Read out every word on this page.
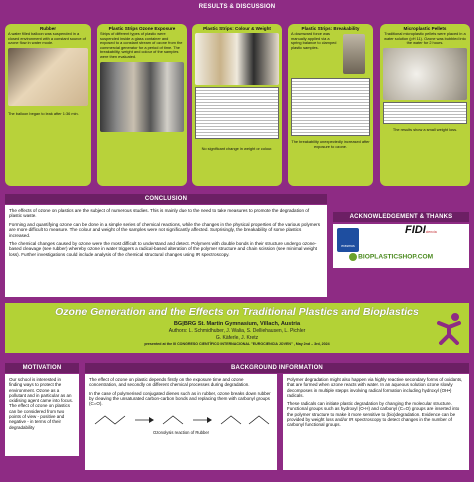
RESULTS & DISCUSSION
Rubber
A water filled balloon was suspended in a closed environment with a constant source of ozone flow in water mode.
The balloon began to leak after 1:36 min.
Plastic Strips Ozone Exposure
Strips of different types of plastic were suspended inside a glass container and exposed to a constant stream of ozone from the commercial generator for a period of time. The breakability, weight and colour of the samples were then evaluated.
Plastic Strips: Colour & Weight
No significant change in weight or colour.
Plastic Strips: Breakability
A downward force was manually applied via a spring balance to clamped plastic samples.
The breakability unexpectedly increased after exposure to ozone.
Microplastic Pellets
Traditional microplastic pellets were placed in a water solution (pH 11). Ozone was bubbled into the water for 2 hours.
The results show a small weight loss.
CONCLUSION

The effects of ozone on plastics are the subject of numerous studies. This is mainly due to the need to take measures to promote the degradation of plastic waste.

Forming and quantifying ozone can be done in a simple series of chemical reactions, while the changes in the physical properties of the various polymers are more difficult to measure. The colour and weight of the samples were not significantly affected. Surprisingly, the breakability of some plastics increased.

The chemical changes caused by ozone were the most difficult to understand and detect. Polymers with double bonds in their structure undergo ozone-based cleavage (see rubber) whereby ozone in water triggers a radical-based alteration of the polymer structure and chain scission (see minimal weight loss). Further investigations could include analysis of the chemical structural changes using IR spectroscopy.

ACKNOWLEDGEMENT & THANKS
erasmus
FIDIciencia
BIOPLASTICSHOP.COM
Ozone Generation and the Effects on Traditional Plastics and Bioplastics
BG|BRG St. Martin Gymnasium, Villach, Austria
Authors: L. Schmidhuber, J. Walia, S. Delliehausen, L. Pichler
G. Käferle, J. Kretz
presented at the III CONGRESO CIENTÍFICO INTERNACIONAL "EUROCIENCIA JOVEN" , May 2nd – 3rd, 2024
MOTIVATION
Our school is interested in finding ways to protect the environment. Ozone as a pollutant and in particular as an oxidising agent came into focus. The effect of ozone on plastics can be considered from two points of view - positive and negative - in terms of their degradability
BACKGROUND INFORMATION

The effect of ozone on plastic depends firstly on the exposure time and ozone concentration, and secondly on different chemical processes during degradation.

In the case of polymerised conjugated dienes such as in rubber, ozone breaks down rubber by cleaving the unsaturated carbon-carbon bonds and replacing them with carbonyl groups (C=O).

Ozonolysis reaction of Rubber

Polymer degradation might also happen via highly reactive secondary forms of oxidants, that are formed when ozone reacts with water. In an aqueous solution ozone slowly decomposes in multiple stepps involving radical formation including hydroxyl (OH•) radicals.

These radicals can initiate plastic degradation by changing the molecular structure. Functional groups such as hydroxyl (O-H) and carbonyl (C=O) groups are inserted into the polymer structure to make it more sensitive to (bio)degradation. Evidence can be provided by weight loss and/or IR spectroscopy to detect changes in the number of carbonyl functional groups.
